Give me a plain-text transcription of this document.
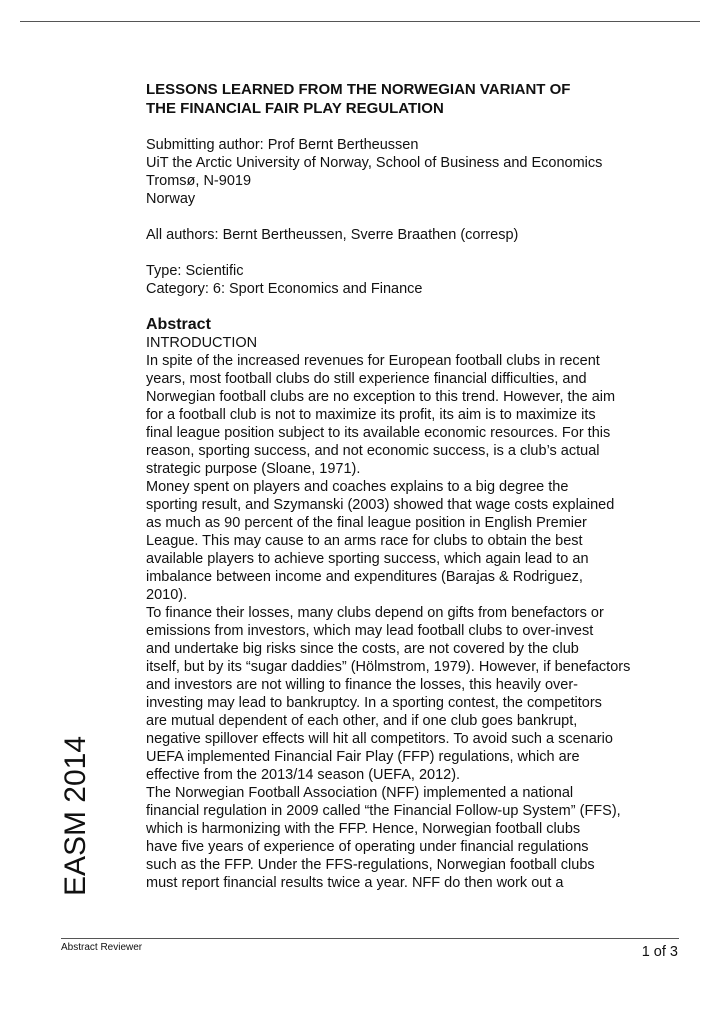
EASM 2014
LESSONS LEARNED FROM THE NORWEGIAN VARIANT OF
THE FINANCIAL FAIR PLAY REGULATION
Submitting author: Prof Bernt Bertheussen
UiT the Arctic University of Norway, School of Business and Economics
Tromsø, N-9019
Norway
All authors: Bernt Bertheussen, Sverre Braathen (corresp)
Type: Scientific
Category: 6: Sport Economics and Finance
Abstract
INTRODUCTION
In spite of the increased revenues for European football clubs in recent
years, most football clubs do still experience financial difficulties, and
Norwegian football clubs are no exception to this trend. However, the aim
for a football club is not to maximize its profit, its aim is to maximize its
final league position subject to its available economic resources. For this
reason, sporting success, and not economic success, is a club’s actual
strategic purpose (Sloane, 1971).
Money spent on players and coaches explains to a big degree the
sporting result, and Szymanski (2003) showed that wage costs explained
as much as 90 percent of the final league position in English Premier
League. This may cause to an arms race for clubs to obtain the best
available players to achieve sporting success, which again lead to an
imbalance between income and expenditures (Barajas & Rodriguez,
2010).
To finance their losses, many clubs depend on gifts from benefactors or
emissions from investors, which may lead football clubs to over-invest
and undertake big risks since the costs, are not covered by the club
itself, but by its “sugar daddies” (Hölmstrom, 1979). However, if benefactors
and investors are not willing to finance the losses, this heavily over-
investing may lead to bankruptcy. In a sporting contest, the competitors
are mutual dependent of each other, and if one club goes bankrupt,
negative spillover effects will hit all competitors. To avoid such a scenario
UEFA implemented Financial Fair Play (FFP) regulations, which are
effective from the 2013/14 season (UEFA, 2012).
The Norwegian Football Association (NFF) implemented a national
financial regulation in 2009 called “the Financial Follow-up System” (FFS),
which is harmonizing with the FFP. Hence, Norwegian football clubs
have five years of experience of operating under financial regulations
such as the FFP. Under the FFS-regulations, Norwegian football clubs
must report financial results twice a year. NFF do then work out a
Abstract Reviewer	1 of 3
